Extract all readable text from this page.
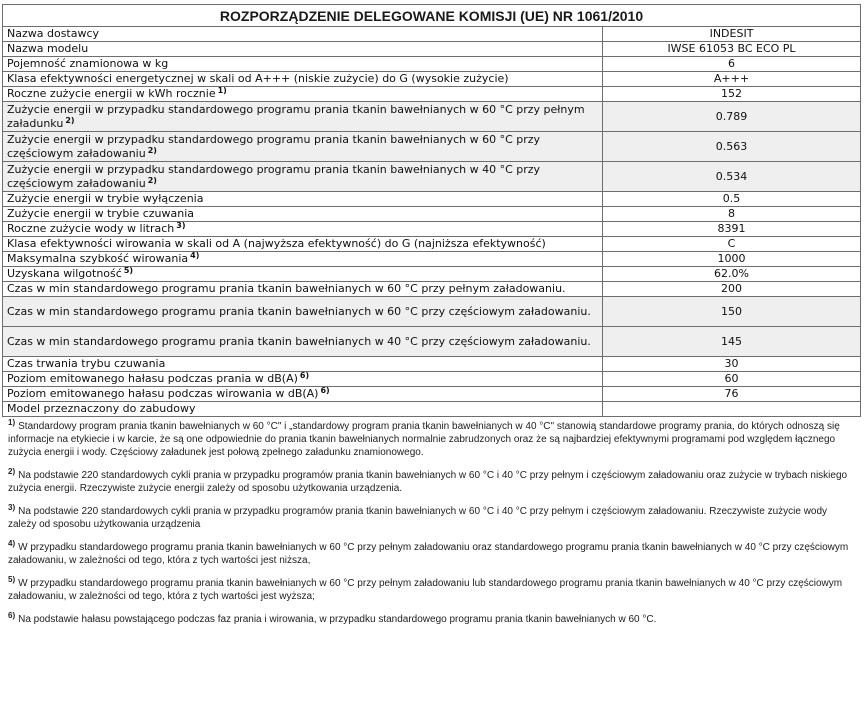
ROZPORZĄDZENIE DELEGOWANE KOMISJI (UE) NR 1061/2010	
Nazwa dostawcy	INDESIT
Nazwa modelu	IWSE 61053 BC ECO PL
Pojemność znamionowa w kg	6
Klasa efektywności energetycznej w skali od A+++ (niskie zużycie) do G (wysokie zużycie)	A+++
Roczne zużycie energii w kWh rocznie $^{1)}$	152
Zużycie energii w przypadku standardowego programu prania tkanin bawełnianych w 60 °C przy pełnym załadunku $^{2)}$	0.789
Zużycie energii w przypadku standardowego programu prania tkanin bawełnianych w 60 °C przy częściowym załadowaniu $^{2)}$	0.563
Zużycie energii w przypadku standardowego programu prania tkanin bawełnianych w 40 °C przy częściowym załadowaniu $^{2)}$	0.534
Zużycie energii w trybie wyłączenia	0.5
Zużycie energii w trybie czuwania	8
Roczne zużycie wody w litrach $^{3)}$	8391
Klasa efektywności wirowania w skali od A (najwyższa efektywność) do G (najniższa efektywność)	C
Maksymalna szybkość wirowania $^{4)}$	1000
Uzyskana wilgotność $^{5)}$	62.0%
Czas w min standardowego programu prania tkanin bawełnianych w 60 °C przy pełnym załadowaniu.	200
Czas w min standardowego programu prania tkanin bawełnianych w 60 °C przy częściowym załadowaniu.	150
Czas w min standardowego programu prania tkanin bawełnianych w 40 °C przy częściowym załadowaniu.	145
Czas trwania trybu czuwania	30
Poziom emitowanego hałasu podczas prania w dB(A) $^{6)}$	60
Poziom emitowanego hałasu podczas wirowania w dB(A) $^{6)}$	76
Model przeznaczony do zabudowy	
$^{1)}$ Standardowy program prania tkanin bawełnianych w 60 °C" i „standardowy program prania tkanin bawełnianych w 40 °C" stanowią standardowe programy prania, do których odnoszą się informacje na etykiecie i w karcie, że są one odpowiednie do prania tkanin bawełnianych normalnie zabrudzonych oraz że są najbardziej efektywnymi programami pod względem łącznego zużycia energii i wody. Częściowy załadunek jest połową zpełnego załadunku znamionowego.
$^{2)}$ Na podstawie 220 standardowych cykli prania w przypadku programów prania tkanin bawełnianych w 60 °C i 40 °C przy pełnym i częściowym załadowaniu oraz zużycie w trybach niskiego zużycia energii. Rzeczywiste zużycie energii zależy od sposobu użytkowania urządzenia.
$^{3)}$ Na podstawie 220 standardowych cykli prania w przypadku programów prania tkanin bawełnianych w 60 °C i 40 °C przy pełnym i częściowym załadowaniu. Rzeczywiste zużycie wody zależy od sposobu użytkowania urządzenia
$^{4)}$ W przypadku standardowego programu prania tkanin bawełnianych w 60 °C przy pełnym załadowaniu oraz standardowego programu prania tkanin bawełnianych w 40 °C przy częściowym załadowaniu, w zależności od tego, która z tych wartości jest niższa,
$^{5)}$ W przypadku standardowego programu prania tkanin bawełnianych w 60 °C przy pełnym załadowaniu lub standardowego programu prania tkanin bawełnianych w 40 °C przy częściowym załadowaniu, w zależności od tego, która z tych wartości jest wyższa;
$^{6)}$ Na podstawie hałasu powstającego podczas faz prania i wirowania, w przypadku standardowego programu prania tkanin bawełnianych w 60 °C.
